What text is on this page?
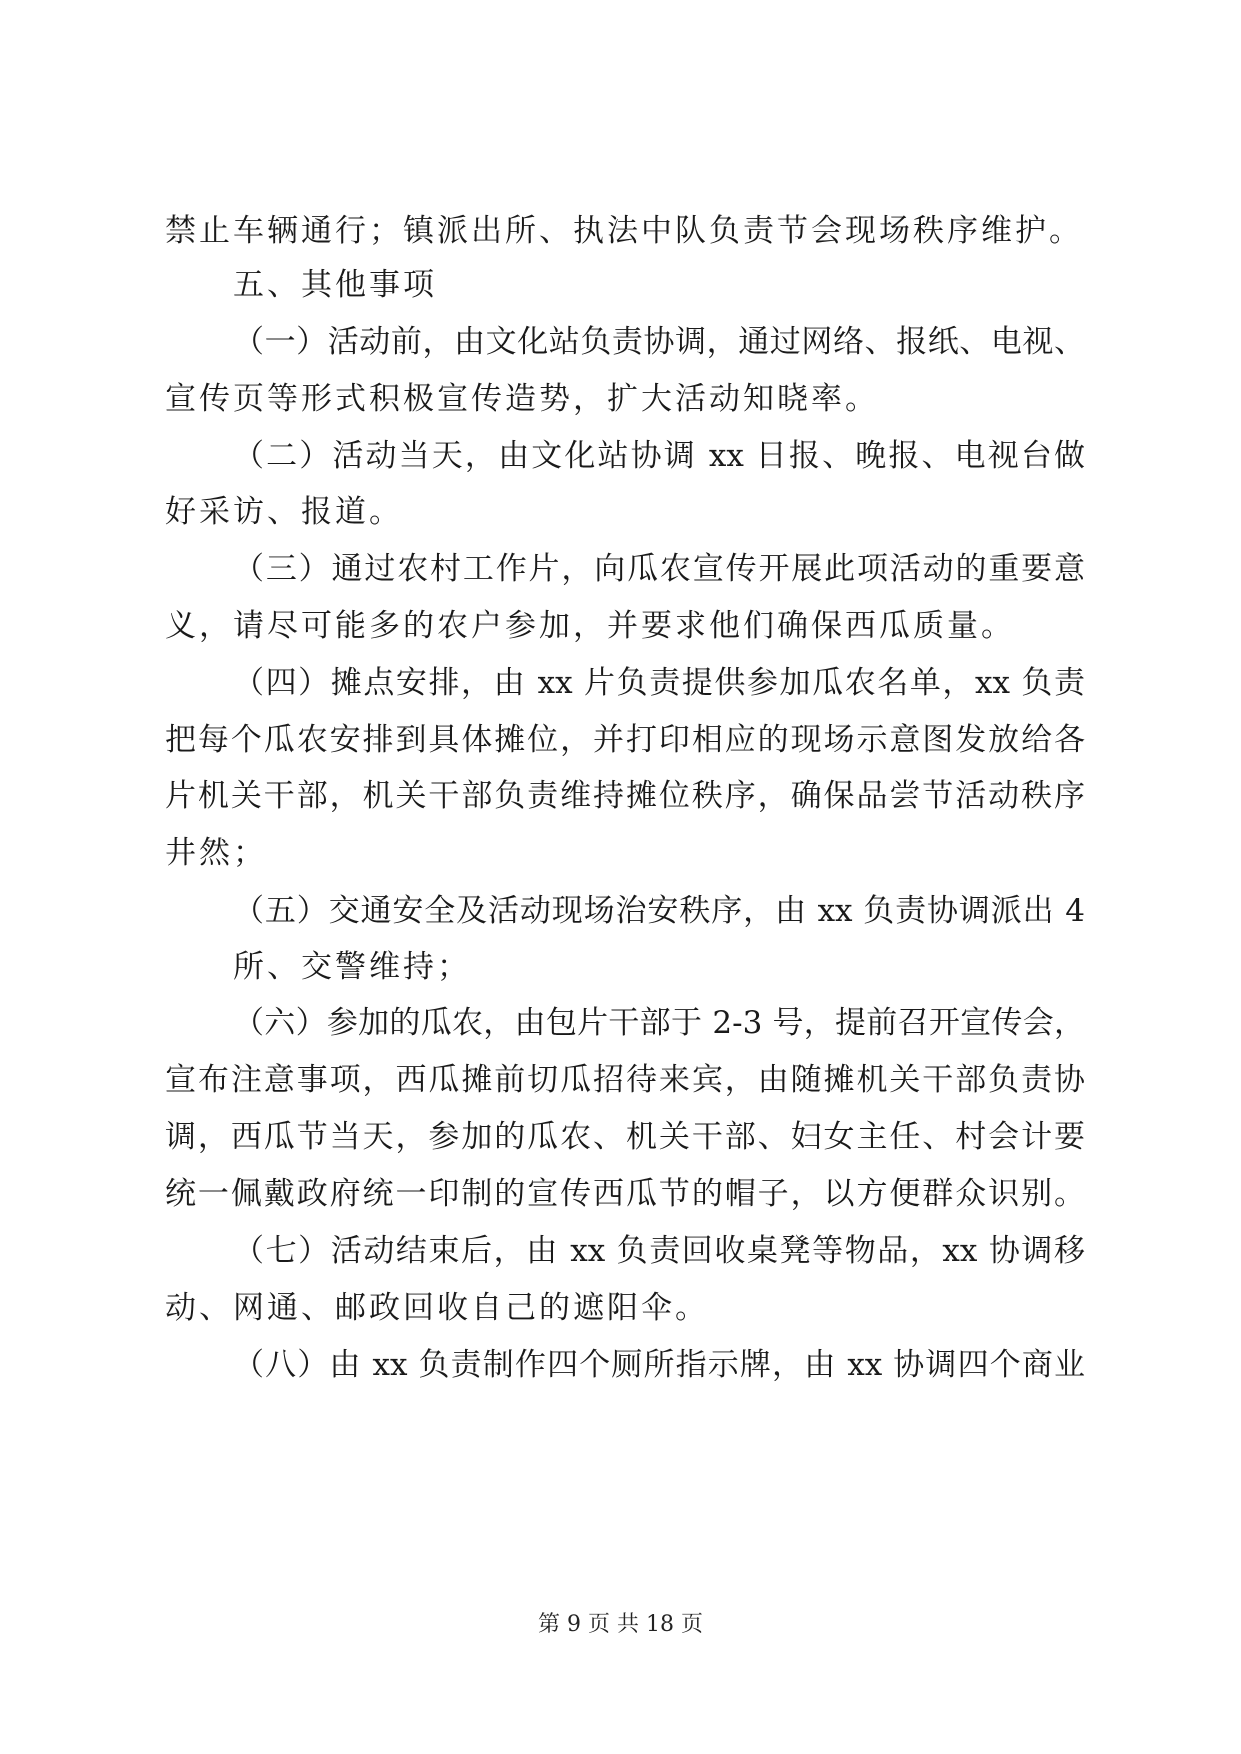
禁止车辆通行；镇派出所、执法中队负责节会现场秩序维护。
五、其他事项
（一）活动前，由文化站负责协调，通过网络、报纸、电视、
宣传页等形式积极宣传造势，扩大活动知晓率。
（二）活动当天，由文化站协调 xx 日报、晚报、电视台做
好采访、报道。
（三）通过农村工作片，向瓜农宣传开展此项活动的重要意
义，请尽可能多的农户参加，并要求他们确保西瓜质量。
（四）摊点安排，由 xx 片负责提供参加瓜农名单，xx 负责
把每个瓜农安排到具体摊位，并打印相应的现场示意图发放给各
片机关干部，机关干部负责维持摊位秩序，确保品尝节活动秩序
井然；
（五）交通安全及活动现场治安秩序，由 xx 负责协调派出 4
所、交警维持；
（六）参加的瓜农，由包片干部于 2-3 号，提前召开宣传会，
宣布注意事项，西瓜摊前切瓜招待来宾，由随摊机关干部负责协
调，西瓜节当天，参加的瓜农、机关干部、妇女主任、村会计要
统一佩戴政府统一印制的宣传西瓜节的帽子，以方便群众识别。
（七）活动结束后，由 xx 负责回收桌凳等物品，xx 协调移
动、网通、邮政回收自己的遮阳伞。
（八）由 xx 负责制作四个厕所指示牌，由 xx 协调四个商业
第 9 页 共 18 页
